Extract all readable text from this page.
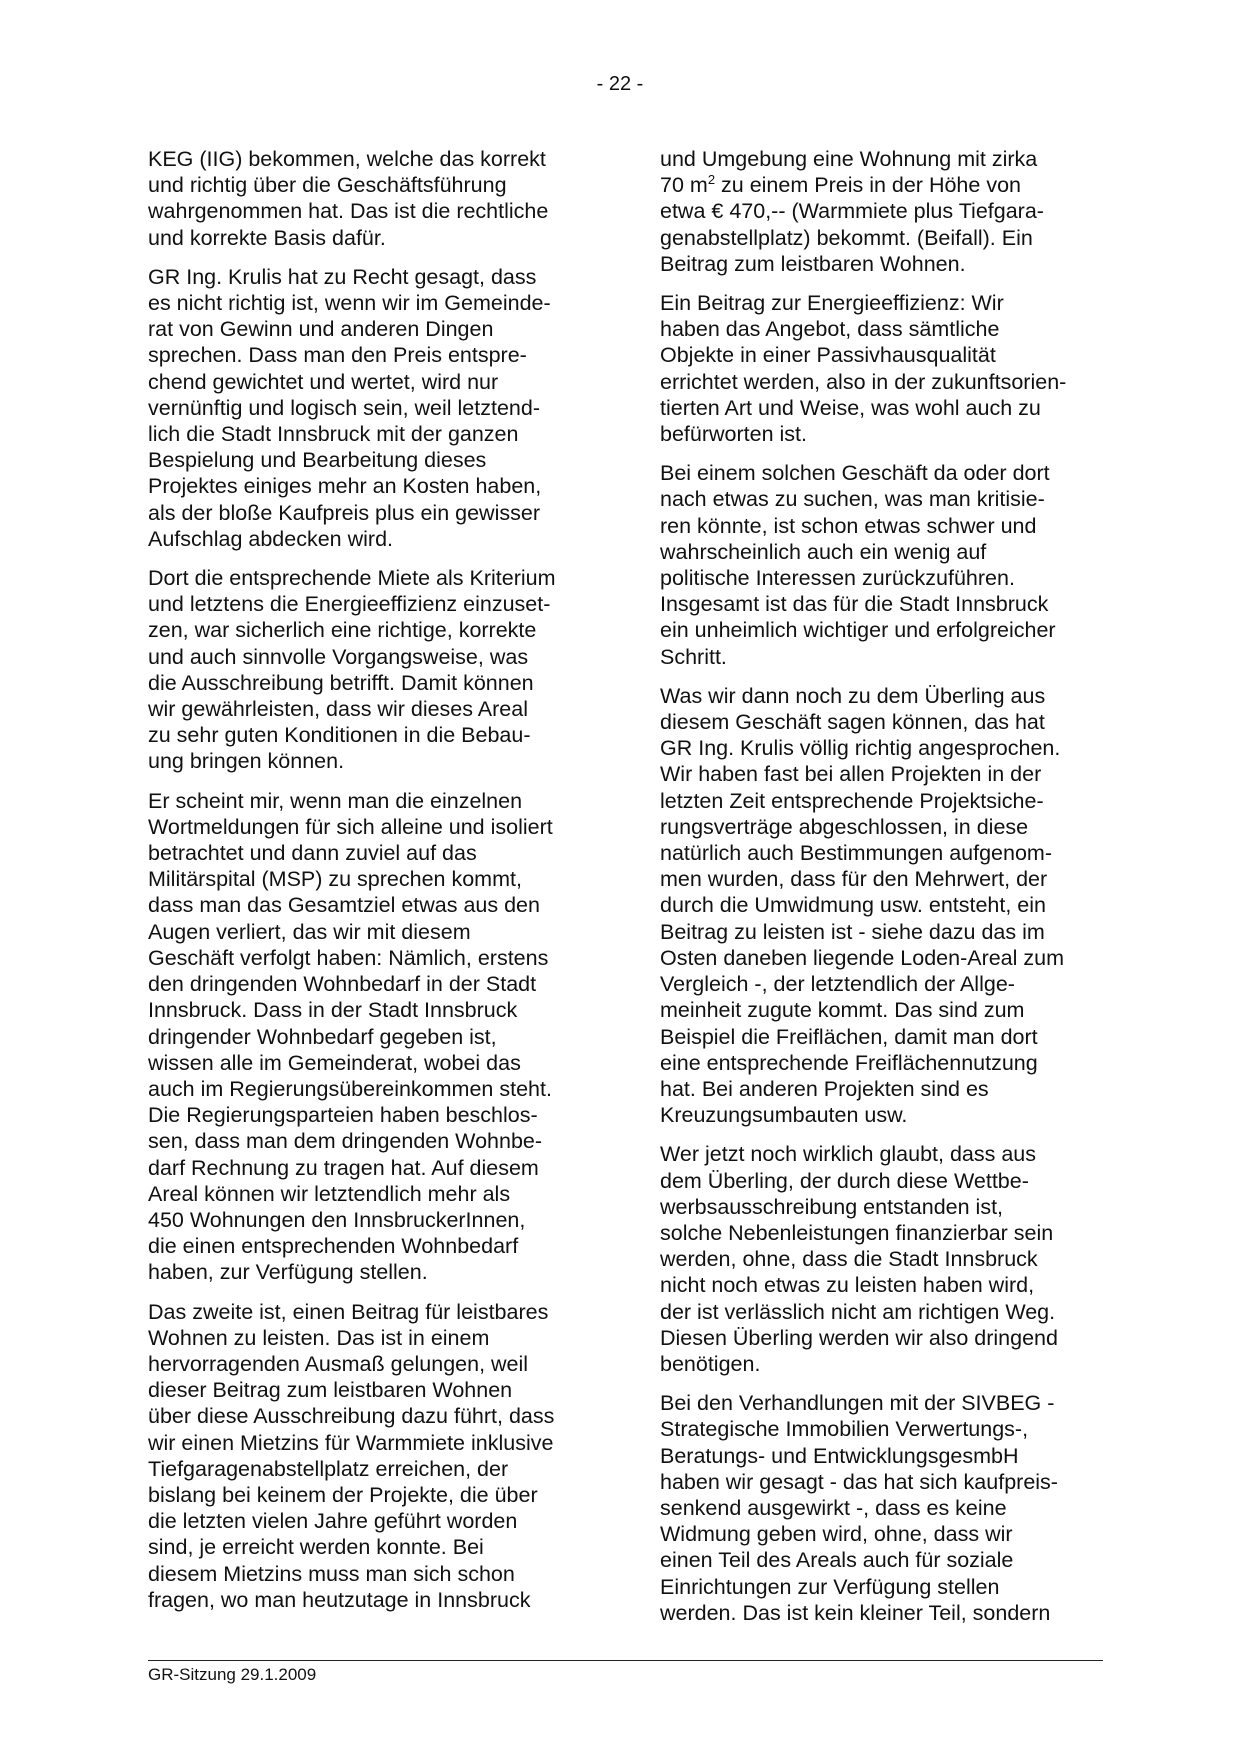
- 22 -

KEG (IIG) bekommen, welche das korrekt
und richtig über die Geschäftsführung
wahrgenommen hat. Das ist die rechtliche
und korrekte Basis dafür.

GR Ing. Krulis hat zu Recht gesagt, dass
es nicht richtig ist, wenn wir im Gemeinde-
rat von Gewinn und anderen Dingen
sprechen. Dass man den Preis entspre-
chend gewichtet und wertet, wird nur
vernünftig und logisch sein, weil letztend-
lich die Stadt Innsbruck mit der ganzen
Bespielung und Bearbeitung dieses
Projektes einiges mehr an Kosten haben,
als der bloße Kaufpreis plus ein gewisser
Aufschlag abdecken wird.

Dort die entsprechende Miete als Kriterium
und letztens die Energieeffizienz einzuset-
zen, war sicherlich eine richtige, korrekte
und auch sinnvolle Vorgangsweise, was
die Ausschreibung betrifft. Damit können
wir gewährleisten, dass wir dieses Areal
zu sehr guten Konditionen in die Bebau-
ung bringen können.

Er scheint mir, wenn man die einzelnen
Wortmeldungen für sich alleine und isoliert
betrachtet und dann zuviel auf das
Militärspital (MSP) zu sprechen kommt,
dass man das Gesamtziel etwas aus den
Augen verliert, das wir mit diesem
Geschäft verfolgt haben: Nämlich, erstens
den dringenden Wohnbedarf in der Stadt
Innsbruck. Dass in der Stadt Innsbruck
dringender Wohnbedarf gegeben ist,
wissen alle im Gemeinderat, wobei das
auch im Regierungsübereinkommen steht.
Die Regierungsparteien haben beschlos-
sen, dass man dem dringenden Wohnbe-
darf Rechnung zu tragen hat. Auf diesem
Areal können wir letztendlich mehr als
450 Wohnungen den InnsbruckerInnen,
die einen entsprechenden Wohnbedarf
haben, zur Verfügung stellen.

Das zweite ist, einen Beitrag für leistbares
Wohnen zu leisten. Das ist in einem
hervorragenden Ausmaß gelungen, weil
dieser Beitrag zum leistbaren Wohnen
über diese Ausschreibung dazu führt, dass
wir einen Mietzins für Warmmiete inklusive
Tiefgaragenabstellplatz erreichen, der
bislang bei keinem der Projekte, die über
die letzten vielen Jahre geführt worden
sind, je erreicht werden konnte. Bei
diesem Mietzins muss man sich schon
fragen, wo man heutzutage in Innsbruck

und Umgebung eine Wohnung mit zirka
70 $m^2$ zu einem Preis in der Höhe von
etwa € 470,-- (Warmmiete plus Tiefgara-
genabstellplatz) bekommt. (Beifall). Ein
Beitrag zum leistbaren Wohnen.

Ein Beitrag zur Energieeffizienz: Wir
haben das Angebot, dass sämtliche
Objekte in einer Passivhausqualität
errichtet werden, also in der zukunftsorien-
tierten Art und Weise, was wohl auch zu
befürworten ist.

Bei einem solchen Geschäft da oder dort
nach etwas zu suchen, was man kritisie-
ren könnte, ist schon etwas schwer und
wahrscheinlich auch ein wenig auf
politische Interessen zurückzuführen.
Insgesamt ist das für die Stadt Innsbruck
ein unheimlich wichtiger und erfolgreicher
Schritt.

Was wir dann noch zu dem Überling aus
diesem Geschäft sagen können, das hat
GR Ing. Krulis völlig richtig angesprochen.
Wir haben fast bei allen Projekten in der
letzten Zeit entsprechende Projektsiche-
rungsverträge abgeschlossen, in diese
natürlich auch Bestimmungen aufgenom-
men wurden, dass für den Mehrwert, der
durch die Umwidmung usw. entsteht, ein
Beitrag zu leisten ist - siehe dazu das im
Osten daneben liegende Loden-Areal zum
Vergleich -, der letztendlich der Allge-
meinheit zugute kommt. Das sind zum
Beispiel die Freiflächen, damit man dort
eine entsprechende Freiflächennutzung
hat. Bei anderen Projekten sind es
Kreuzungsumbauten usw.

Wer jetzt noch wirklich glaubt, dass aus
dem Überling, der durch diese Wettbe-
werbsausschreibung entstanden ist,
solche Nebenleistungen finanzierbar sein
werden, ohne, dass die Stadt Innsbruck
nicht noch etwas zu leisten haben wird,
der ist verlässlich nicht am richtigen Weg.
Diesen Überling werden wir also dringend
benötigen.

Bei den Verhandlungen mit der SIVBEG -
Strategische Immobilien Verwertungs-,
Beratungs- und EntwicklungsgesmbH
haben wir gesagt - das hat sich kaufpreis-
senkend ausgewirkt -, dass es keine
Widmung geben wird, ohne, dass wir
einen Teil des Areals auch für soziale
Einrichtungen zur Verfügung stellen
werden. Das ist kein kleiner Teil, sondern

GR-Sitzung 29.1.2009
